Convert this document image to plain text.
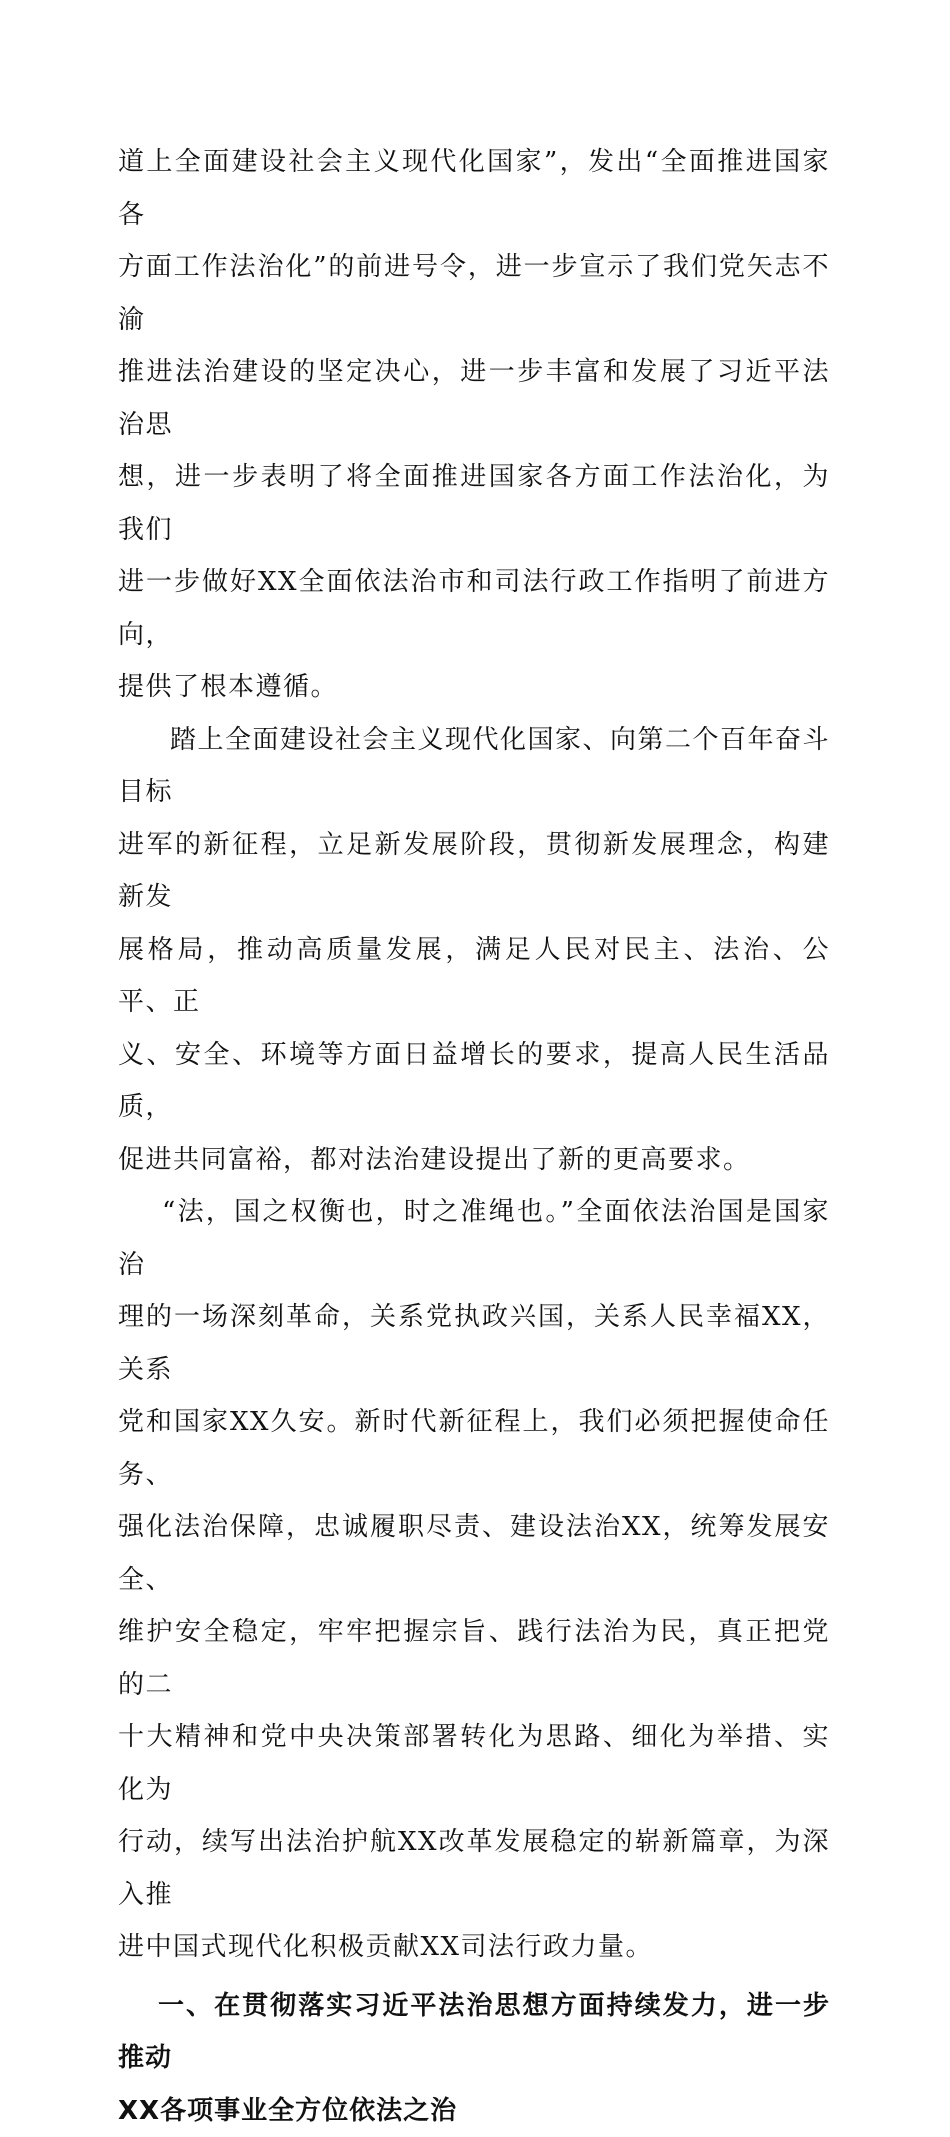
道上全面建设社会主义现代化国家”，发出“全面推进国家各
方面工作法治化”的前进号令，进一步宣示了我们党矢志不渝
推进法治建设的坚定决心，进一步丰富和发展了习近平法治思
想，进一步表明了将全面推进国家各方面工作法治化，为我们
进一步做好XX全面依法治市和司法行政工作指明了前进方向，
提供了根本遵循。

踏上全面建设社会主义现代化国家、向第二个百年奋斗目标
进军的新征程，立足新发展阶段，贯彻新发展理念，构建新发
展格局，推动高质量发展，满足人民对民主、法治、公平、正
义、安全、环境等方面日益增长的要求，提高人民生活品质，
促进共同富裕，都对法治建设提出了新的更高要求。

“法，国之权衡也，时之准绳也。”全面依法治国是国家治
理的一场深刻革命，关系党执政兴国，关系人民幸福XX，关系
党和国家XX久安。新时代新征程上，我们必须把握使命任务、
强化法治保障，忠诚履职尽责、建设法治XX，统筹发展安全、
维护安全稳定，牢牢把握宗旨、践行法治为民，真正把党的二
十大精神和党中央决策部署转化为思路、细化为举措、实化为
行动，续写出法治护航XX改革发展稳定的崭新篇章，为深入推
进中国式现代化积极贡献XX司法行政力量。

一、在贯彻落实习近平法治思想方面持续发力，进一步推动
XX各项事业全方位依法之治
